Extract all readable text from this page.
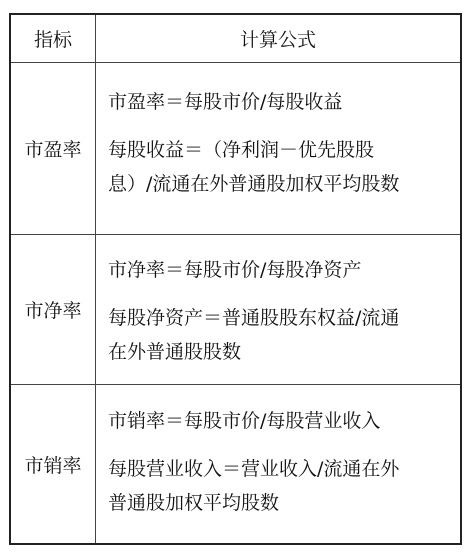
指标	计算公式
市盈率

市盈率＝每股市价/每股收益

每股收益＝（净利润－优先股股

息）/流通在外普通股加权平均股数

市净率

市净率＝每股市价/每股净资产

每股净资产＝普通股股东权益/流通

在外普通股股数

市销率

市销率＝每股市价/每股营业收入

每股营业收入＝营业收入/流通在外

普通股加权平均股数
